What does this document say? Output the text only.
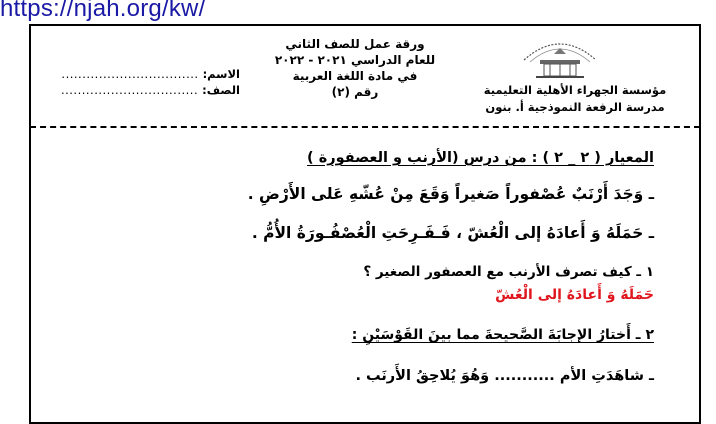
https://njah.org/kw/
مؤسسة الجهراء الأهلية التعليمية
مدرسة الرفعة النموذجية أ. بنون
ورقة عمل للصف الثاني
للعام الدراسي ٢٠٢١ - ٢٠٢٢
في مادة اللغة العربية
رقم (٢)
الاسم:
.................................
الصف:
.................................
المعيار ( ٢ _ ٢ ) : من درس (الأرنب و العصفورة )
ـ وَجَدَ أَرْنَبٌ عُصْفوراً صَغيراً وَقَعَ مِنْ عُشّهِ عَلى الأَرْضِ .
ـ حَمَلَهُ وَ أَعادَهُ إلى الْعُشّ ، فَـفَـرِحَتِ الْعُصْفُـورَةُ الأُمُّ .
١ ـ كيف تصرف الأرنب مع العصفور الصغير ؟
حَمَلَهُ وَ أَعادَهُ إلى الْعُشّ
٢ ـ أَختارُ الإجابَةَ الصَّحيحةَ مما بينَ القَوْسَيْنِ :
ـ شاهَدَتِ الأم ........... وَهُوَ يُلاحِقُ الأَرنَب .
